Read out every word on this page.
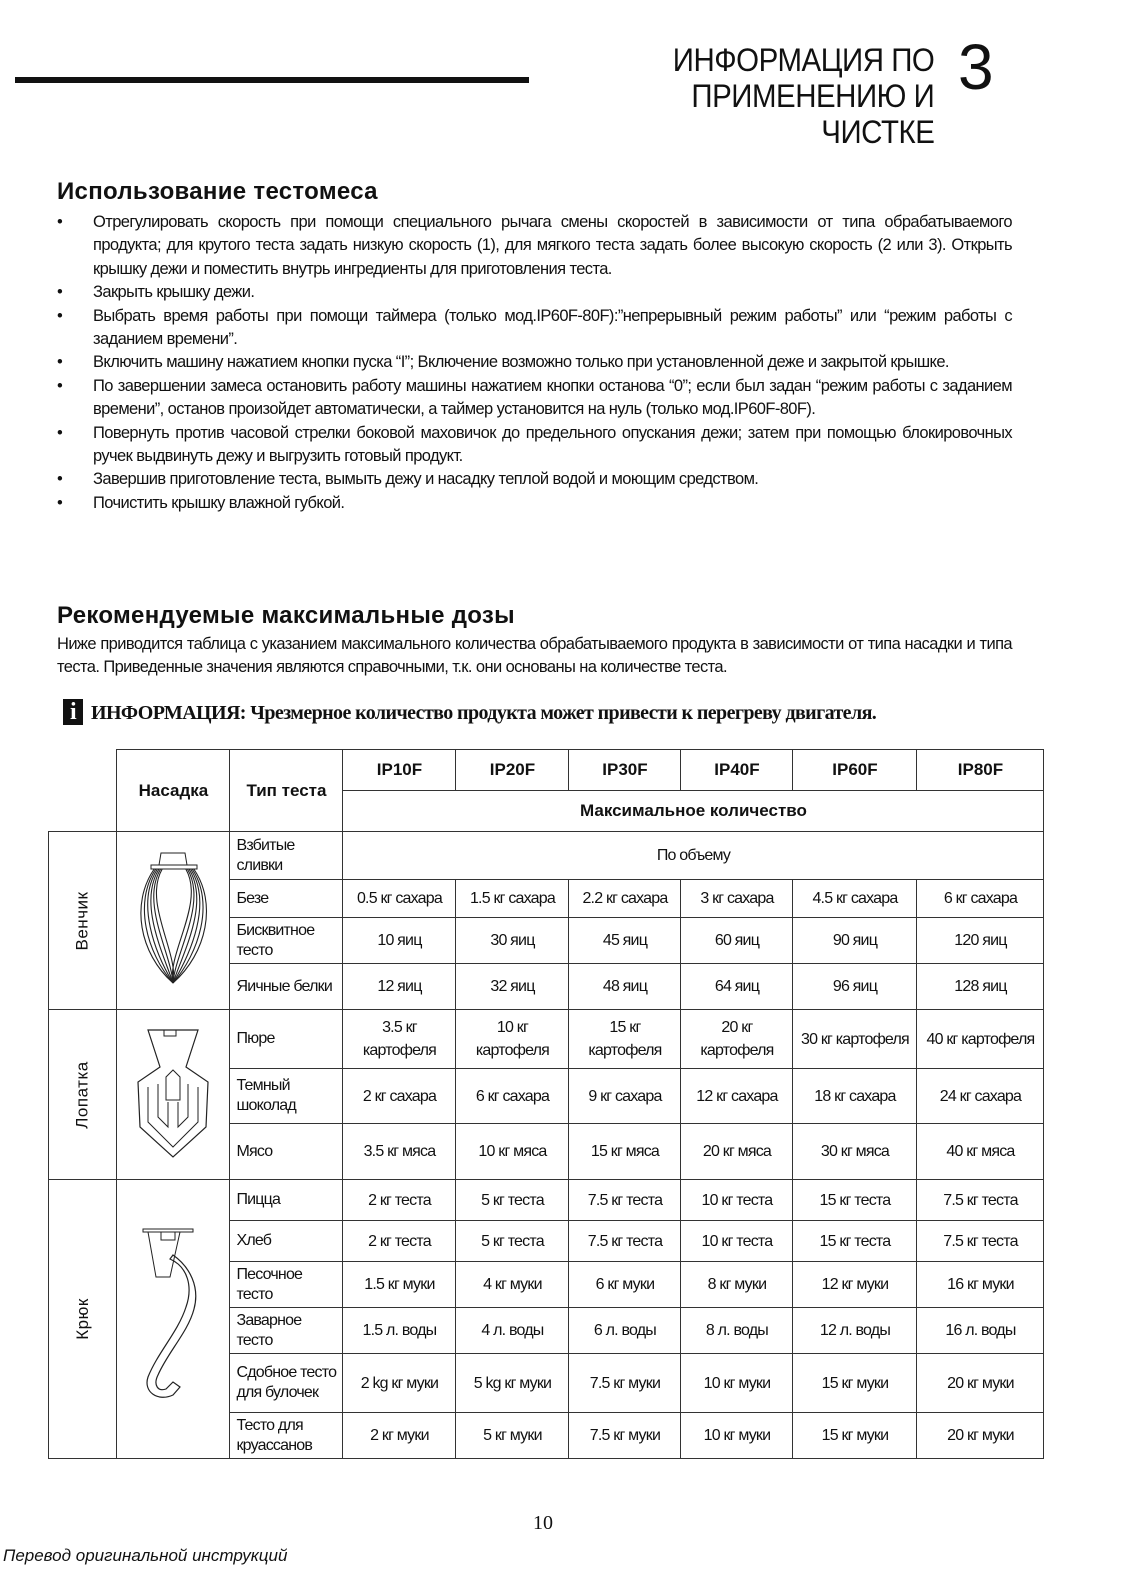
ИНФОРМАЦИЯ ПО
ПРИМЕНЕНИЮ И
ЧИСТКЕ
3
Использование тестомеса
• Отрегулировать скорость при помощи специального рычага смены скоростей в зависимости от типа обрабатываемого продукта; для крутого теста задать низкую скорость (1), для мягкого теста задать более высокую скорость (2 или 3). Открыть крышку дежи и поместить внутрь ингредиенты для приготовления теста.
• Закрыть крышку дежи.
• Выбрать время работы при помощи таймера (только мод.IP60F-80F):”непрерывный режим работы” или “режим работы с заданием времени”.
• Включить машину нажатием кнопки пуска “I”; Включение возможно только при установленной деже и закрытой крышке.
• По завершении замеса остановить работу машины нажатием кнопки останова “0”; если был задан “режим работы с заданием времени”, останов произойдет автоматически, а таймер установится на нуль (только мод.IP60F-80F).
• Повернуть против часовой стрелки боковой маховичок до предельного опускания дежи; затем при помощью блокировочных ручек выдвинуть дежу и выгрузить готовый продукт.
• Завершив приготовление теста, вымыть дежу и насадку теплой водой и моющим средством.
• Почистить крышку влажной губкой.
Рекомендуемые максимальные дозы

Ниже приводится таблица с указанием максимального количества обрабатываемого продукта в зависимости от типа насадки и типа теста. Приведенные значения являются справочными, т.к. они основаны на количестве теста.

i ИНФОРМАЦИЯ: Чрезмерное количество продукта может привести к перегреву двигателя.
	Насадка	Тип теста	IP10F	IP20F	IP30F	IP40F	IP60F	IP80F
			Максимальное количество					
Венчик		Взбитые сливки	По объему					
		Безе	0.5 кг сахара	1.5 кг сахара	2.2 кг сахара	3 кг сахара	4.5 кг сахара	6 кг сахара
		Бисквитное тесто	10 яиц	30 яиц	45 яиц	60 яиц	90 яиц	120 яиц
		Яичные белки	12 яиц	32 яиц	48 яиц	64 яиц	96 яиц	128 яиц
Лопатка		Пюре	3.5 кг картофеля	10 кг картофеля	15 кг картофеля	20 кг картофеля	30 кг картофеля	40 кг картофеля
		Темный шоколад	2 кг сахара	6 кг сахара	9 кг сахара	12 кг сахара	18 кг сахара	24 кг сахара
		Мясо	3.5 кг мяса	10 кг мяса	15 кг мяса	20 кг мяса	30 кг мяса	40 кг мяса
Крюк		Пицца	2 кг теста	5 кг теста	7.5 кг теста	10 кг теста	15 кг теста	7.5 кг теста
		Хлеб	2 кг теста	5 кг теста	7.5 кг теста	10 кг теста	15 кг теста	7.5 кг теста
		Песочное тесто	1.5 кг муки	4 кг муки	6 кг муки	8 кг муки	12 кг муки	16 кг муки
		Заварное тесто	1.5 л. воды	4 л. воды	6 л. воды	8 л. воды	12 л. воды	16 л. воды
		Сдобное тесто для булочек	2 kg кг муки	5 kg кг муки	7.5 кг муки	10 кг муки	15 кг муки	20 кг муки
		Тесто для круассанов	2 кг муки	5 кг муки	7.5 кг муки	10 кг муки	15 кг муки	20 кг муки
10
Перевод оригинальной инструкций
